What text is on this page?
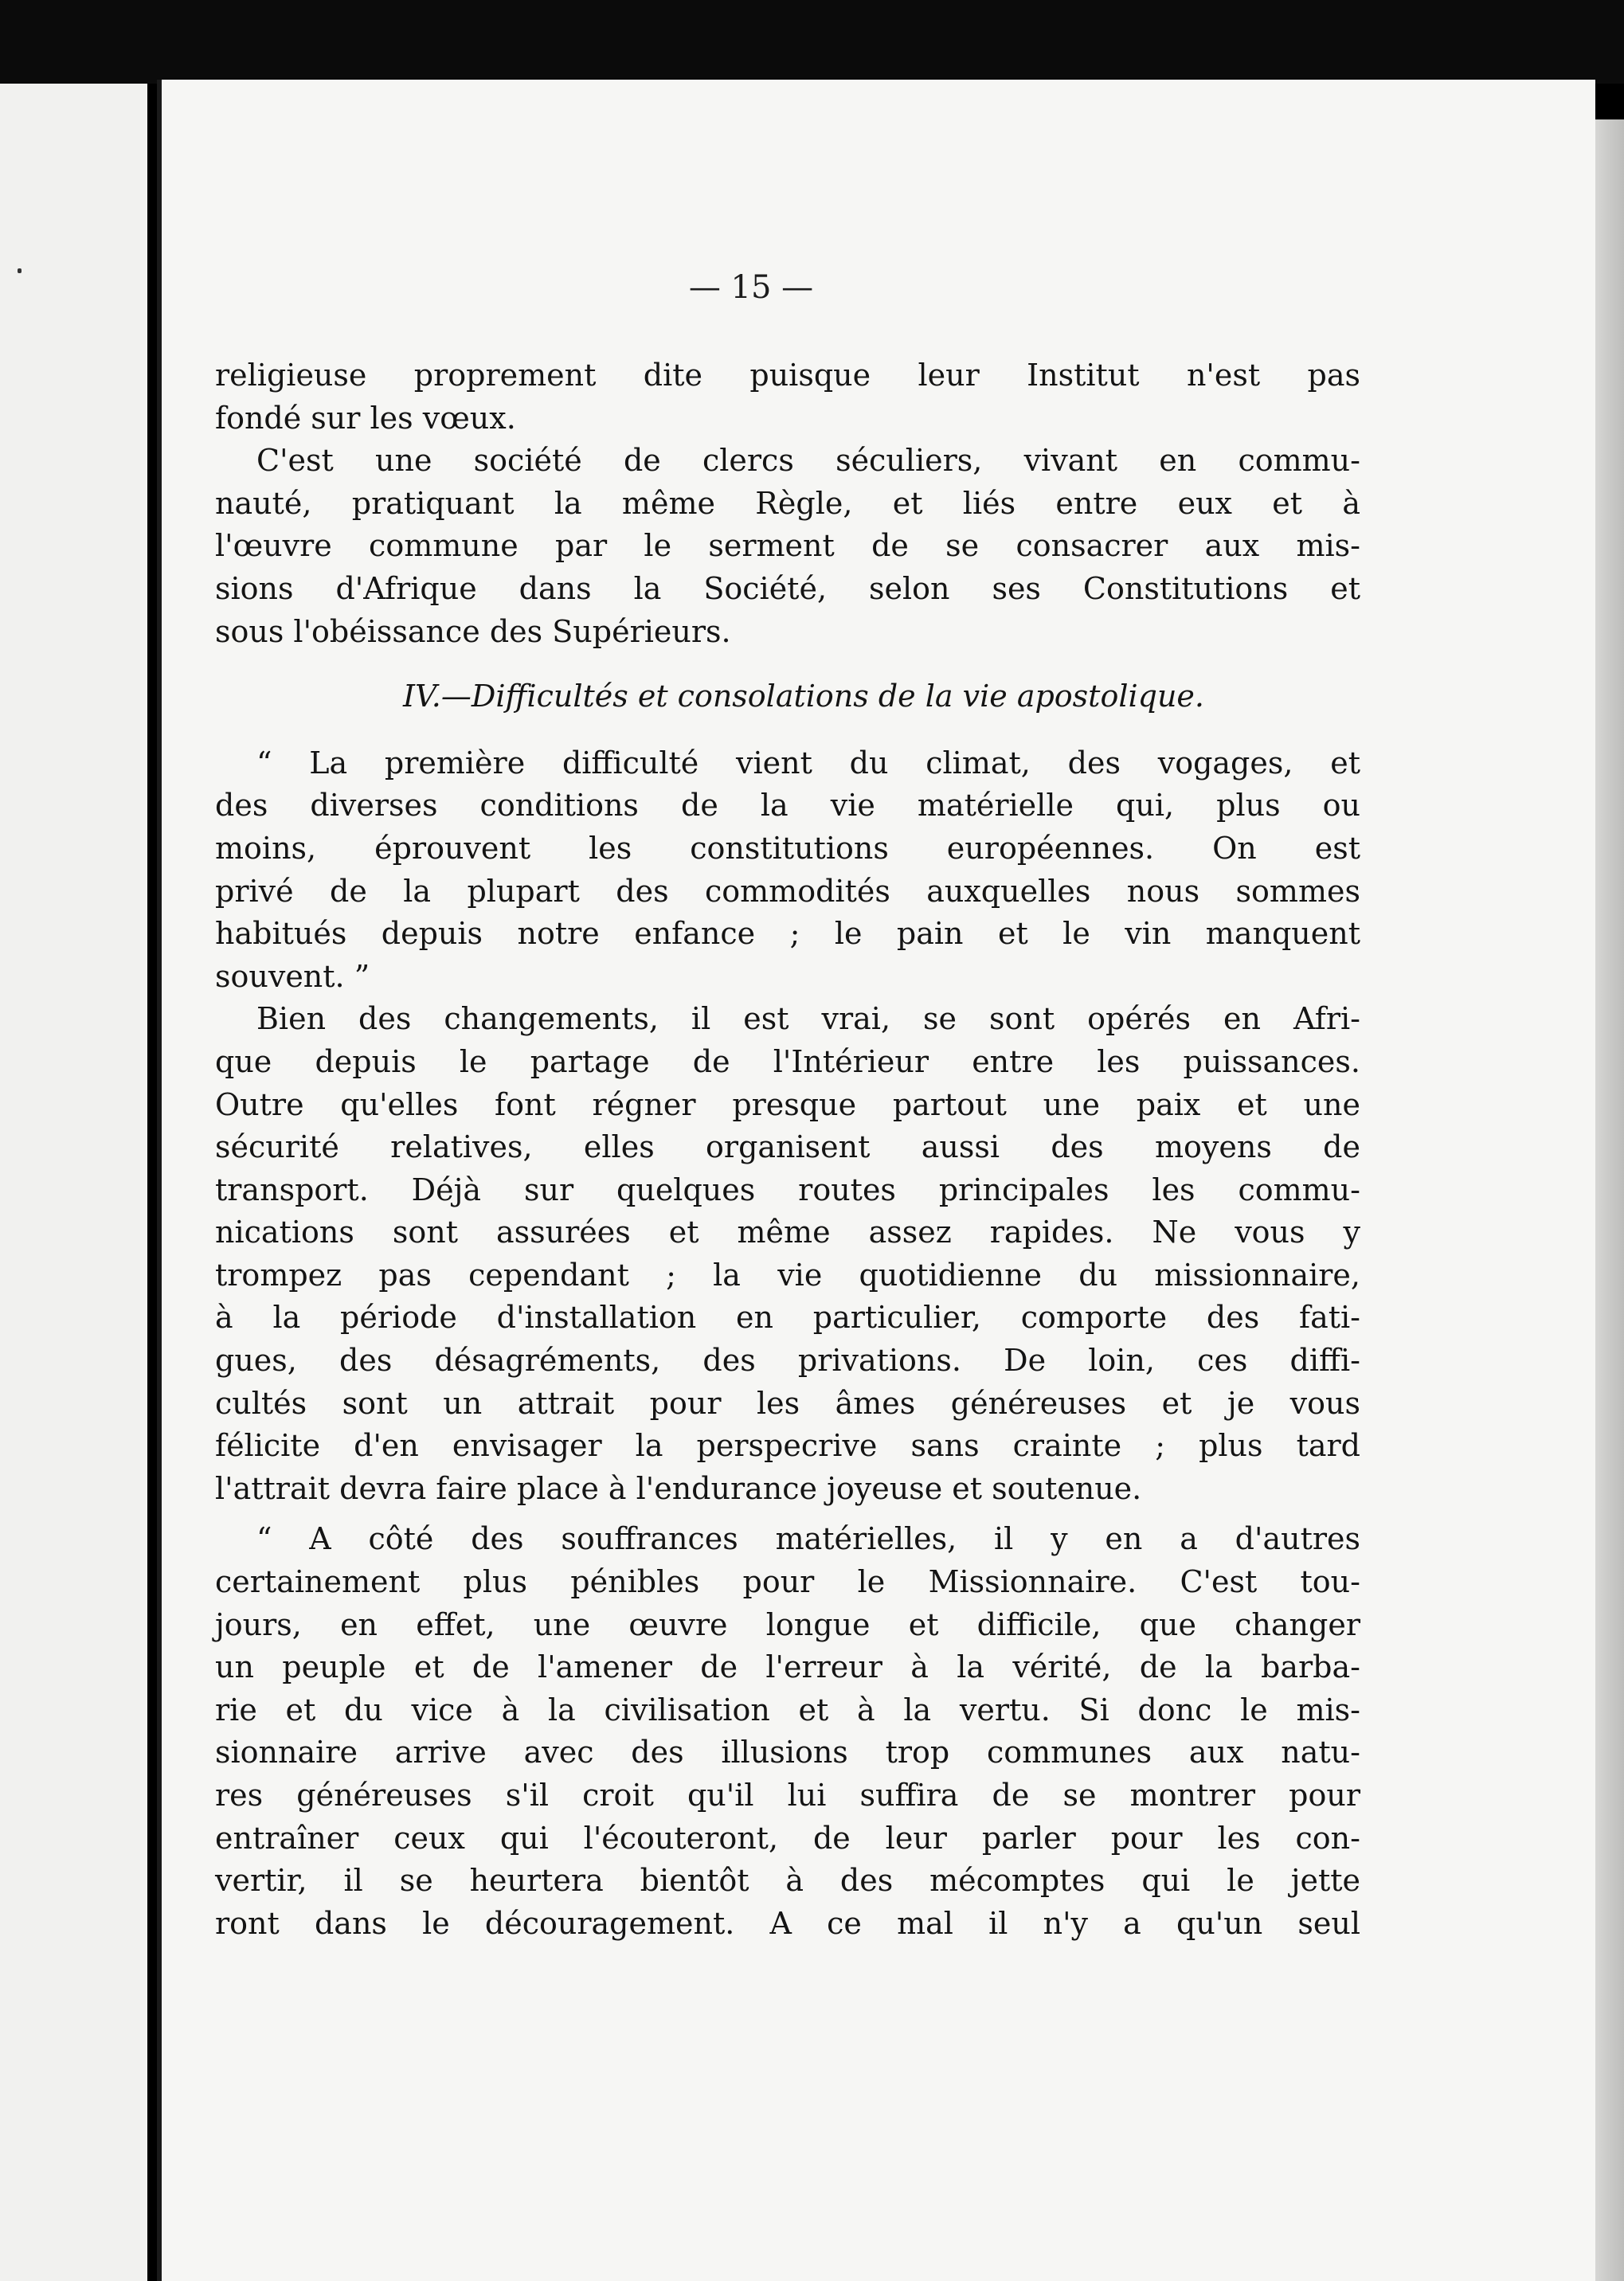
— 15 —
religieuse proprement dite puisque leur Institut n'est pas
fondé sur les vœux.
C'est une société de clercs séculiers, vivant en commu-
nauté, pratiquant la même Règle, et liés entre eux et à
l'œuvre commune par le serment de se consacrer aux mis-
sions d'Afrique dans la Société, selon ses Constitutions et
sous l'obéissance des Supérieurs.
IV.—Difficultés et consolations de la vie apostolique.
“ La première difficulté vient du climat, des vogages, et
des diverses conditions de la vie matérielle qui, plus ou
moins, éprouvent les constitutions européennes. On est
privé de la plupart des commodités auxquelles nous sommes
habitués depuis notre enfance ; le pain et le vin manquent
souvent. ”
Bien des changements, il est vrai, se sont opérés en Afri-
que depuis le partage de l'Intérieur entre les puissances.
Outre qu'elles font régner presque partout une paix et une
sécurité relatives, elles organisent aussi des moyens de
transport. Déjà sur quelques routes principales les commu-
nications sont assurées et même assez rapides. Ne vous y
trompez pas cependant ; la vie quotidienne du missionnaire,
à la période d'installation en particulier, comporte des fati-
gues, des désagréments, des privations. De loin, ces diffi-
cultés sont un attrait pour les âmes généreuses et je vous
félicite d'en envisager la perspecrive sans crainte ; plus tard
l'attrait devra faire place à l'endurance joyeuse et soutenue.
“ A côté des souffrances matérielles, il y en a d'autres
certainement plus pénibles pour le Missionnaire. C'est tou-
jours, en effet, une œuvre longue et difficile, que changer
un peuple et de l'amener de l'erreur à la vérité, de la barba-
rie et du vice à la civilisation et à la vertu. Si donc le mis-
sionnaire arrive avec des illusions trop communes aux natu-
res généreuses s'il croit qu'il lui suffira de se montrer pour
entraîner ceux qui l'écouteront, de leur parler pour les con-
vertir, il se heurtera bientôt à des mécomptes qui le jette
ront dans le découragement. A ce mal il n'y a qu'un seul
